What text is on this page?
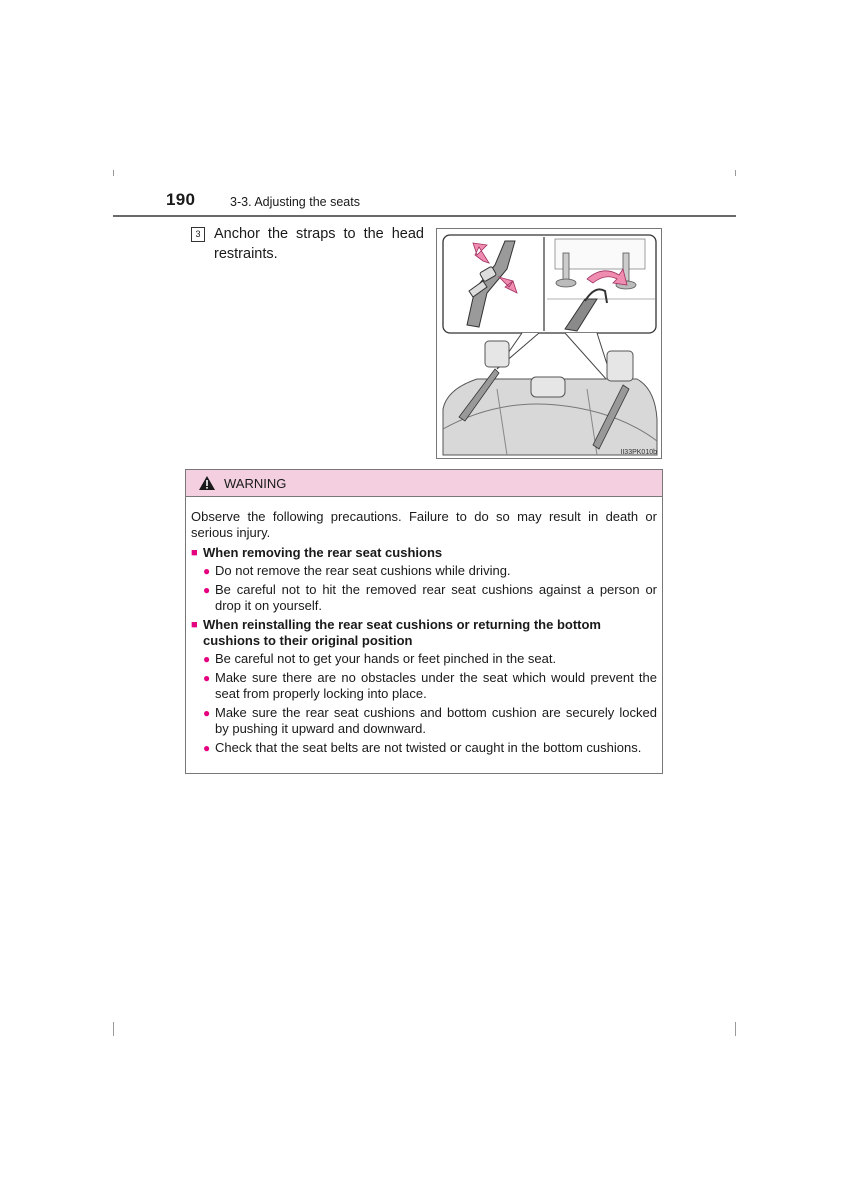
190	3-3. Adjusting the seats
3 Anchor the straps to the head restraints.
II33PK010b
WARNING

Observe the following precautions. Failure to do so may result in death or serious injury.

■ When removing the rear seat cushions
● Do not remove the rear seat cushions while driving.
● Be careful not to hit the removed rear seat cushions against a person or drop it on yourself.
■ When reinstalling the rear seat cushions or returning the bottom cushions to their original position
● Be careful not to get your hands or feet pinched in the seat.
● Make sure there are no obstacles under the seat which would prevent the seat from properly locking into place.
● Make sure the rear seat cushions and bottom cushion are securely locked by pushing it upward and downward.
● Check that the seat belts are not twisted or caught in the bottom cushions.
